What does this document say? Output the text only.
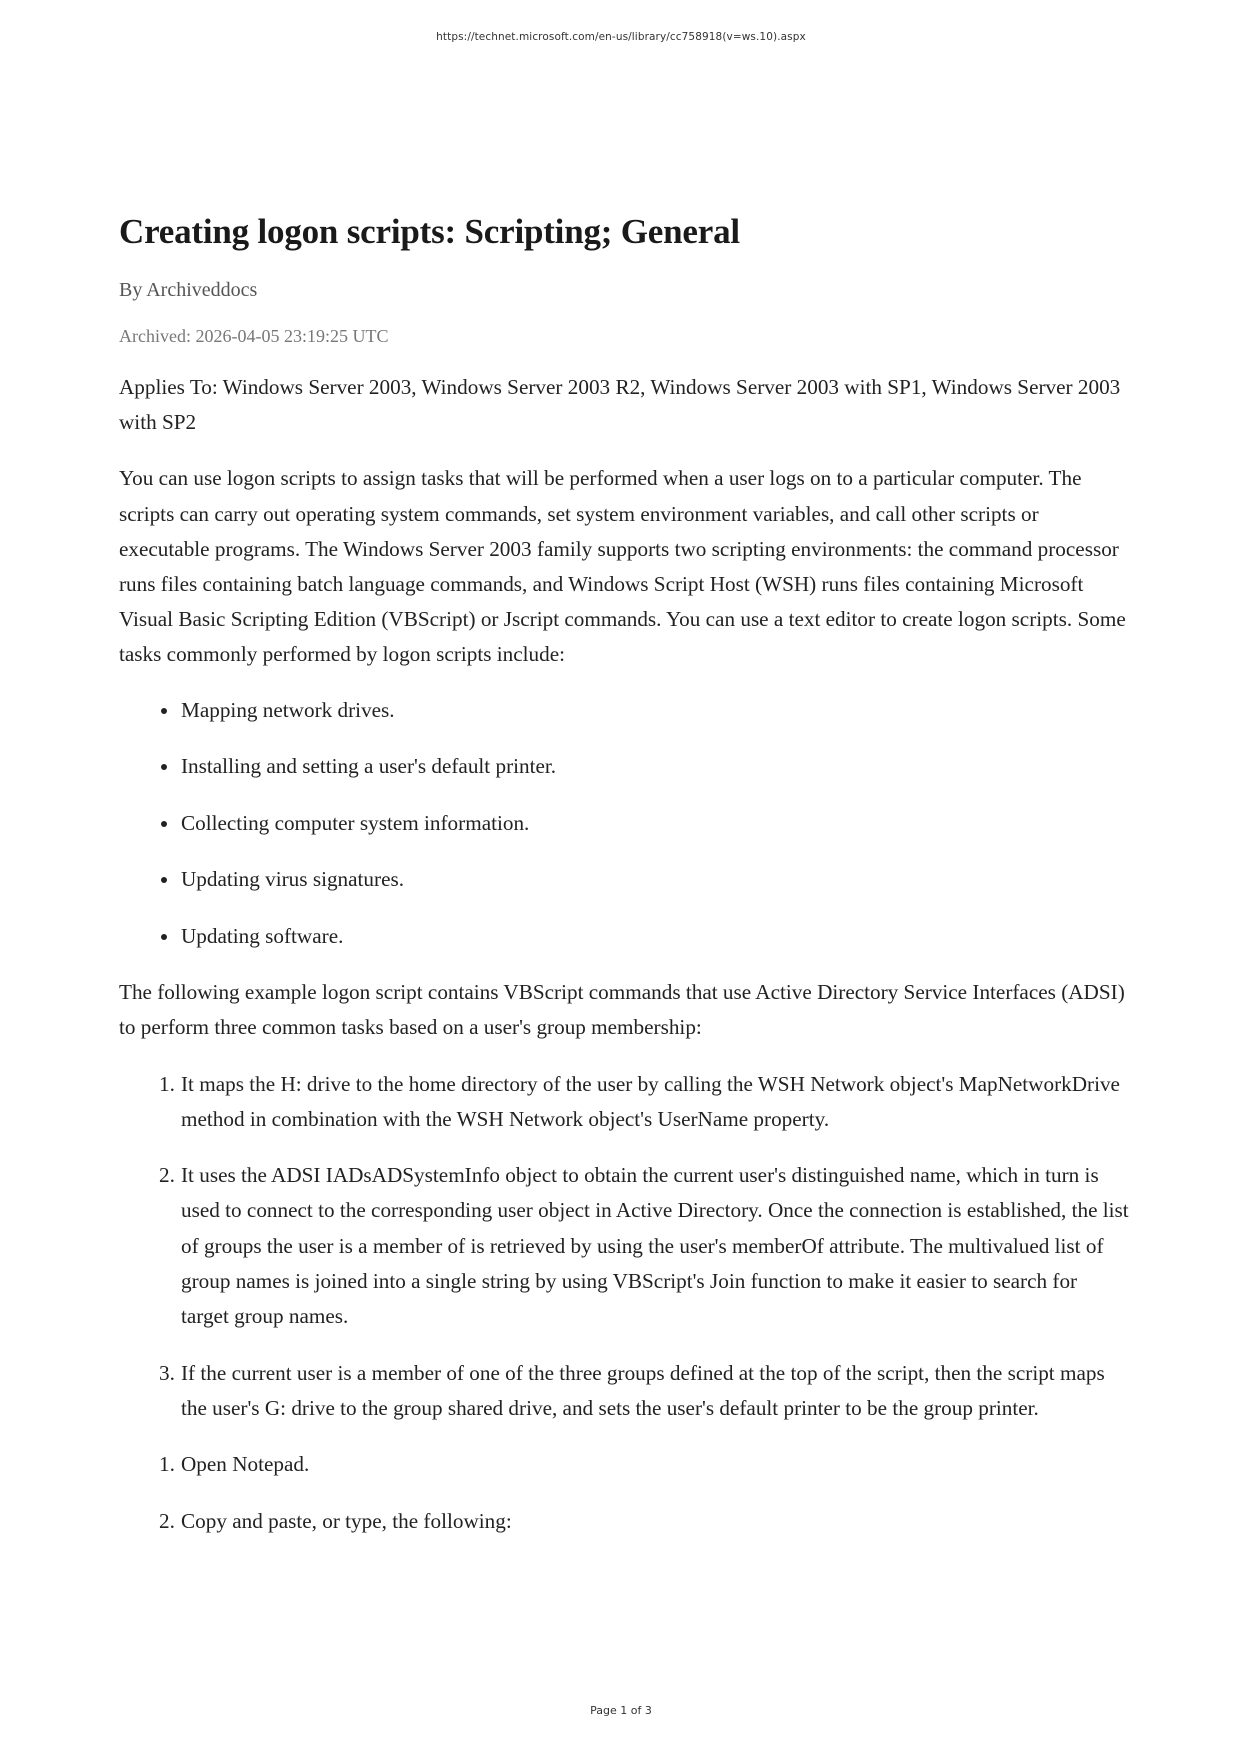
https://technet.microsoft.com/en-us/library/cc758918(v=ws.10).aspx
Creating logon scripts: Scripting; General
By Archiveddocs
Archived: 2026-04-05 23:19:25 UTC

Applies To: Windows Server 2003, Windows Server 2003 R2, Windows Server 2003 with SP1, Windows Server 2003 with SP2

You can use logon scripts to assign tasks that will be performed when a user logs on to a particular computer. The scripts can carry out operating system commands, set system environment variables, and call other scripts or executable programs. The Windows Server 2003 family supports two scripting environments: the command processor runs files containing batch language commands, and Windows Script Host (WSH) runs files containing Microsoft Visual Basic Scripting Edition (VBScript) or Jscript commands. You can use a text editor to create logon scripts. Some tasks commonly performed by logon scripts include:

Mapping network drives.
Installing and setting a user's default printer.
Collecting computer system information.
Updating virus signatures.
Updating software.

The following example logon script contains VBScript commands that use Active Directory Service Interfaces (ADSI) to perform three common tasks based on a user's group membership:

1. It maps the H: drive to the home directory of the user by calling the WSH Network object's MapNetworkDrive method in combination with the WSH Network object's UserName property.
2. It uses the ADSI IADsADSystemInfo object to obtain the current user's distinguished name, which in turn is used to connect to the corresponding user object in Active Directory. Once the connection is established, the list of groups the user is a member of is retrieved by using the user's memberOf attribute. The multivalued list of group names is joined into a single string by using VBScript's Join function to make it easier to search for target group names.
3. If the current user is a member of one of the three groups defined at the top of the script, then the script maps the user's G: drive to the group shared drive, and sets the user's default printer to be the group printer.
1. Open Notepad.
2. Copy and paste, or type, the following:
Page 1 of 3
